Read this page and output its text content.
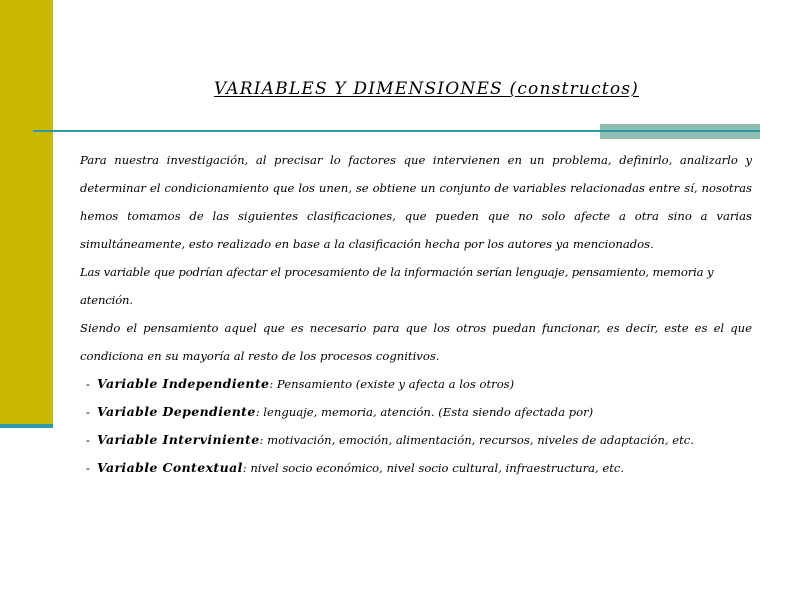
VARIABLES Y DIMENSIONES (constructos)

Para nuestra investigación, al precisar lo factores que intervienen en un problema, definirlo, analizarlo y determinar el condicionamiento que los unen, se obtiene un conjunto de variables relacionadas entre sí, nosotras hemos tomamos de las siguientes clasificaciones, que pueden que no solo afecte a otra sino a varias simultáneamente, esto realizado en base a la clasificación hecha por los autores ya mencionados.

Las variable que podrían afectar el procesamiento de la información serían lenguaje, pensamiento, memoria y atención.

Siendo el pensamiento aquel que es necesario para que los otros puedan funcionar, es decir, este es el que condiciona en su mayoría al resto de los procesos cognitivos.

- Variable Independiente: Pensamiento (existe y afecta a los otros)

- Variable Dependiente: lenguaje, memoria, atención. (Esta siendo afectada por)

- Variable Interviniente: motivación, emoción, alimentación, recursos, niveles de adaptación, etc.

- Variable Contextual: nivel socio económico, nivel socio cultural, infraestructura, etc.
